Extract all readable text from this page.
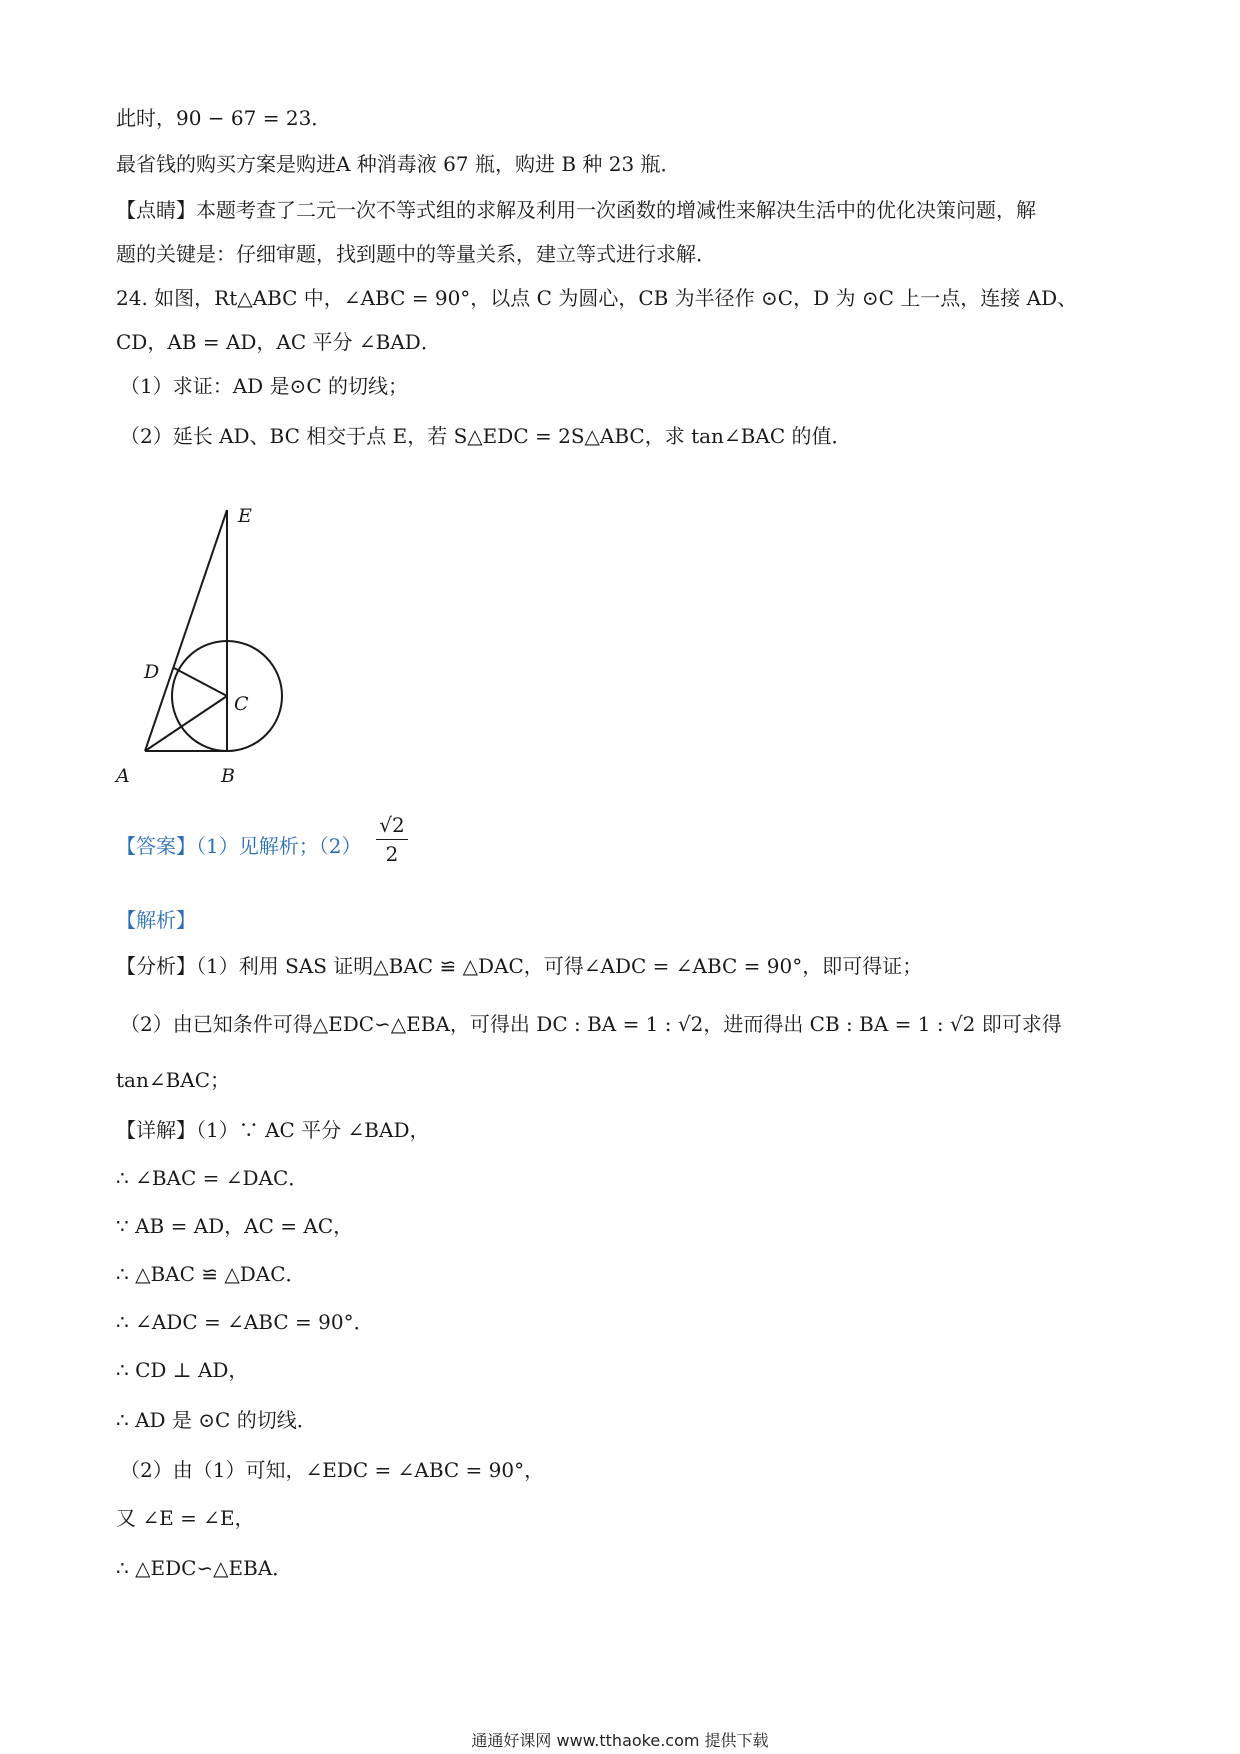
此时，90 − 67 = 23．
最省钱的购买方案是购进A 种消毒液 67 瓶，购进 B 种 23 瓶．
【点睛】本题考查了二元一次不等式组的求解及利用一次函数的增减性来解决生活中的优化决策问题，解
题的关键是：仔细审题，找到题中的等量关系，建立等式进行求解．
24. 如图，Rt△ABC 中，∠ABC = 90°，以点 C 为圆心，CB 为半径作 ⊙C，D 为 ⊙C 上一点，连接 AD、
CD，AB = AD，AC 平分 ∠BAD．
（1）求证：AD 是⊙C 的切线；
（2）延长 AD、BC 相交于点 E，若 S△EDC = 2S△ABC，求 tan∠BAC 的值．
E
D
C
A	B
【答案】（1）见解析；（2）
√2
2
【解析】
【分析】（1）利用 SAS 证明△BAC ≌ △DAC，可得∠ADC = ∠ABC = 90°，即可得证；
（2）由已知条件可得△EDC∽△EBA，可得出 DC : BA = 1 : √2，进而得出 CB : BA = 1 : √2 即可求得
tan∠BAC；
【详解】（1）∵ AC 平分 ∠BAD，
∴ ∠BAC = ∠DAC．
∵ AB = AD，AC = AC，
∴ △BAC ≌ △DAC．
∴ ∠ADC = ∠ABC = 90°．
∴ CD ⊥ AD，
∴ AD 是 ⊙C 的切线．
（2）由（1）可知，∠EDC = ∠ABC = 90°，
又 ∠E = ∠E，
∴ △EDC∽△EBA．
通通好课网 www.tthaoke.com 提供下载
